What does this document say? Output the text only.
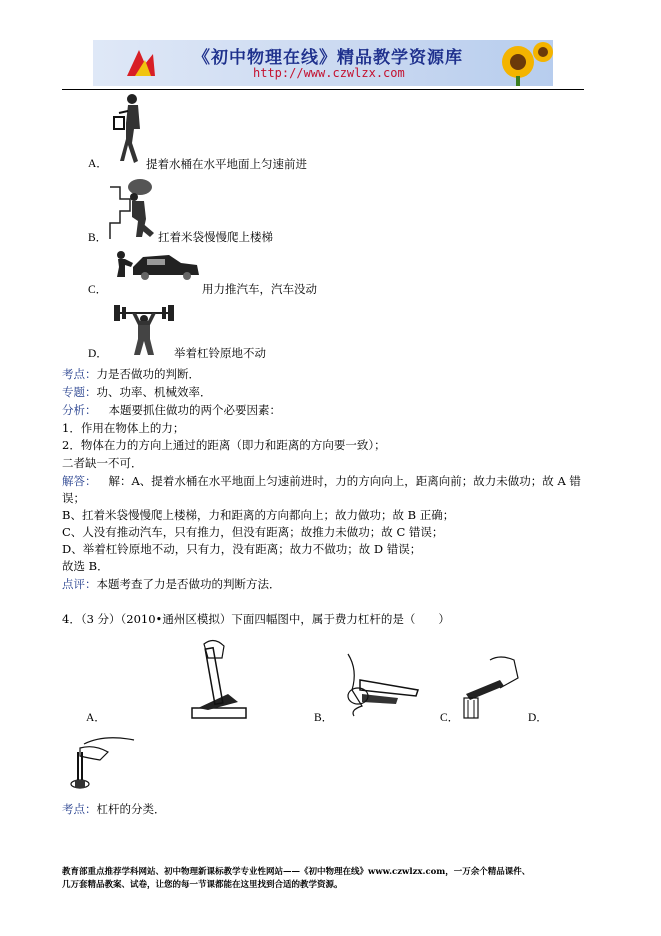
《初中物理在线》精品教学资源库
http://www.czwlzx.com
A．	提着水桶在水平地面上匀速前进
B．	扛着米袋慢慢爬上楼梯
C．	用力推汽车，汽车没动
D．	举着杠铃原地不动
考点：力是否做功的判断．
专题：功、功率、机械效率．
分析： 本题要抓住做功的两个必要因素：
1．作用在物体上的力；
2．物体在力的方向上通过的距离（即力和距离的方向要一致）；
二者缺一不可．
解答： 解：A、提着水桶在水平地面上匀速前进时，力的方向向上，距离向前；故力未做功；故 A 错
误；
B、扛着米袋慢慢爬上楼梯，力和距离的方向都向上；故力做功；故 B 正确；
C、人没有推动汽车，只有推力，但没有距离；故推力未做功；故 C 错误；
D、举着杠铃原地不动，只有力，没有距离；故力不做功；故 D 错误；
故选 B．
点评：本题考查了力是否做功的判断方法．
4．（3 分）（2010•通州区模拟）下面四幅图中，属于费力杠杆的是（　　）
A．	B．	C．	D．
考点：杠杆的分类．
教育部重点推荐学科网站、初中物理新课标教学专业性网站——《初中物理在线》www.czwlzx.com，一万余个精品课件、
几万套精品教案、试卷，让您的每一节课都能在这里找到合适的教学资源。
